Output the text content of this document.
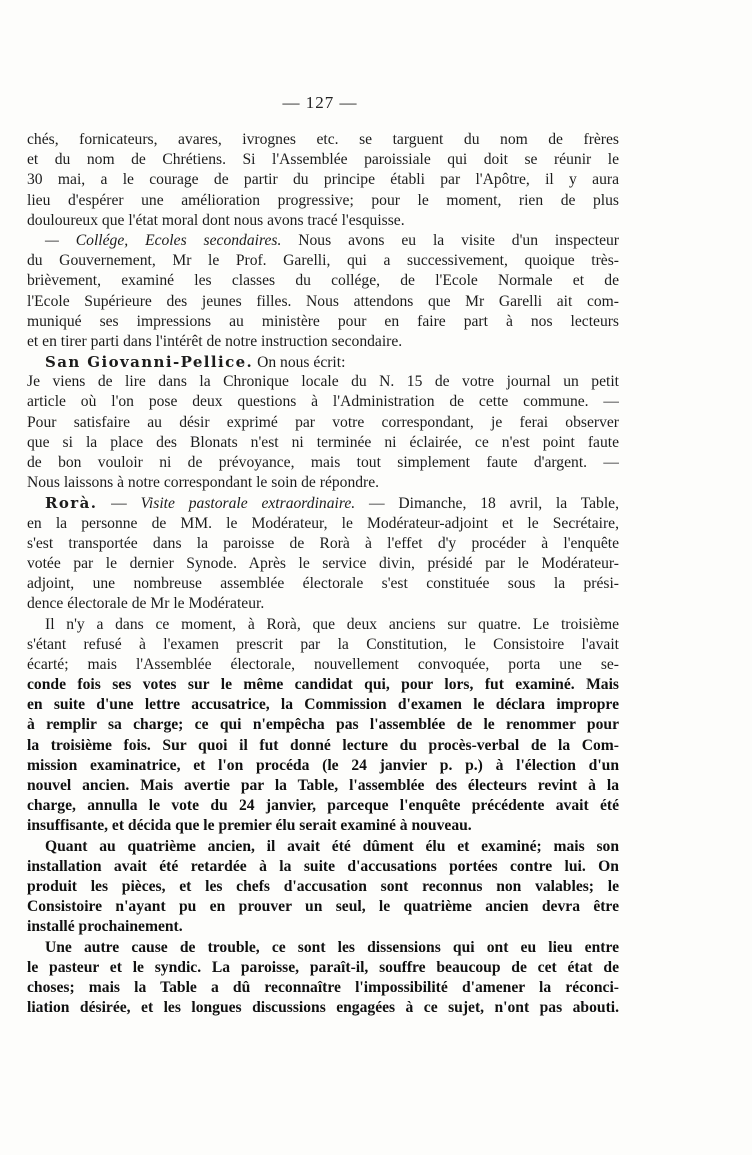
— 127 —
chés, fornicateurs, avares, ivrognes etc. se targuent du nom de frères
et du nom de Chrétiens. Si l'Assemblée paroissiale qui doit se réunir le
30 mai, a le courage de partir du principe établi par l'Apôtre, il y aura
lieu d'espérer une amélioration progressive; pour le moment, rien de plus
douloureux que l'état moral dont nous avons tracé l'esquisse.
— Collége, Ecoles secondaires. Nous avons eu la visite d'un inspecteur
du Gouvernement, Mr le Prof. Garelli, qui a successivement, quoique très-
brièvement, examiné les classes du collége, de l'Ecole Normale et de
l'Ecole Supérieure des jeunes filles. Nous attendons que Mr Garelli ait com-
muniqué ses impressions au ministère pour en faire part à nos lecteurs
et en tirer parti dans l'intérêt de notre instruction secondaire.
San Giovanni-Pellice. On nous écrit:
Je viens de lire dans la Chronique locale du N. 15 de votre journal un petit
article où l'on pose deux questions à l'Administration de cette commune. —
Pour satisfaire au désir exprimé par votre correspondant, je ferai observer
que si la place des Blonats n'est ni terminée ni éclairée, ce n'est point faute
de bon vouloir ni de prévoyance, mais tout simplement faute d'argent. —
Nous laissons à notre correspondant le soin de répondre.
Rorà. — Visite pastorale extraordinaire. — Dimanche, 18 avril, la Table,
en la personne de MM. le Modérateur, le Modérateur-adjoint et le Secrétaire,
s'est transportée dans la paroisse de Rorà à l'effet d'y procéder à l'enquête
votée par le dernier Synode. Après le service divin, présidé par le Modérateur-
adjoint, une nombreuse assemblée électorale s'est constituée sous la prési-
dence électorale de Mr le Modérateur.
Il n'y a dans ce moment, à Rorà, que deux anciens sur quatre. Le troisième
s'étant refusé à l'examen prescrit par la Constitution, le Consistoire l'avait
écarté; mais l'Assemblée électorale, nouvellement convoquée, porta une se-
conde fois ses votes sur le même candidat qui, pour lors, fut examiné. Mais
en suite d'une lettre accusatrice, la Commission d'examen le déclara impropre
à remplir sa charge; ce qui n'empêcha pas l'assemblée de le renommer pour
la troisième fois. Sur quoi il fut donné lecture du procès-verbal de la Com-
mission examinatrice, et l'on procéda (le 24 janvier p. p.) à l'élection d'un
nouvel ancien. Mais avertie par la Table, l'assemblée des électeurs revint à la
charge, annulla le vote du 24 janvier, parceque l'enquête précédente avait été
insuffisante, et décida que le premier élu serait examiné à nouveau.
Quant au quatrième ancien, il avait été dûment élu et examiné; mais son
installation avait été retardée à la suite d'accusations portées contre lui. On
produit les pièces, et les chefs d'accusation sont reconnus non valables; le
Consistoire n'ayant pu en prouver un seul, le quatrième ancien devra être
installé prochainement.
Une autre cause de trouble, ce sont les dissensions qui ont eu lieu entre
le pasteur et le syndic. La paroisse, paraît-il, souffre beaucoup de cet état de
choses; mais la Table a dû reconnaître l'impossibilité d'amener la réconci-
liation désirée, et les longues discussions engagées à ce sujet, n'ont pas abouti.
